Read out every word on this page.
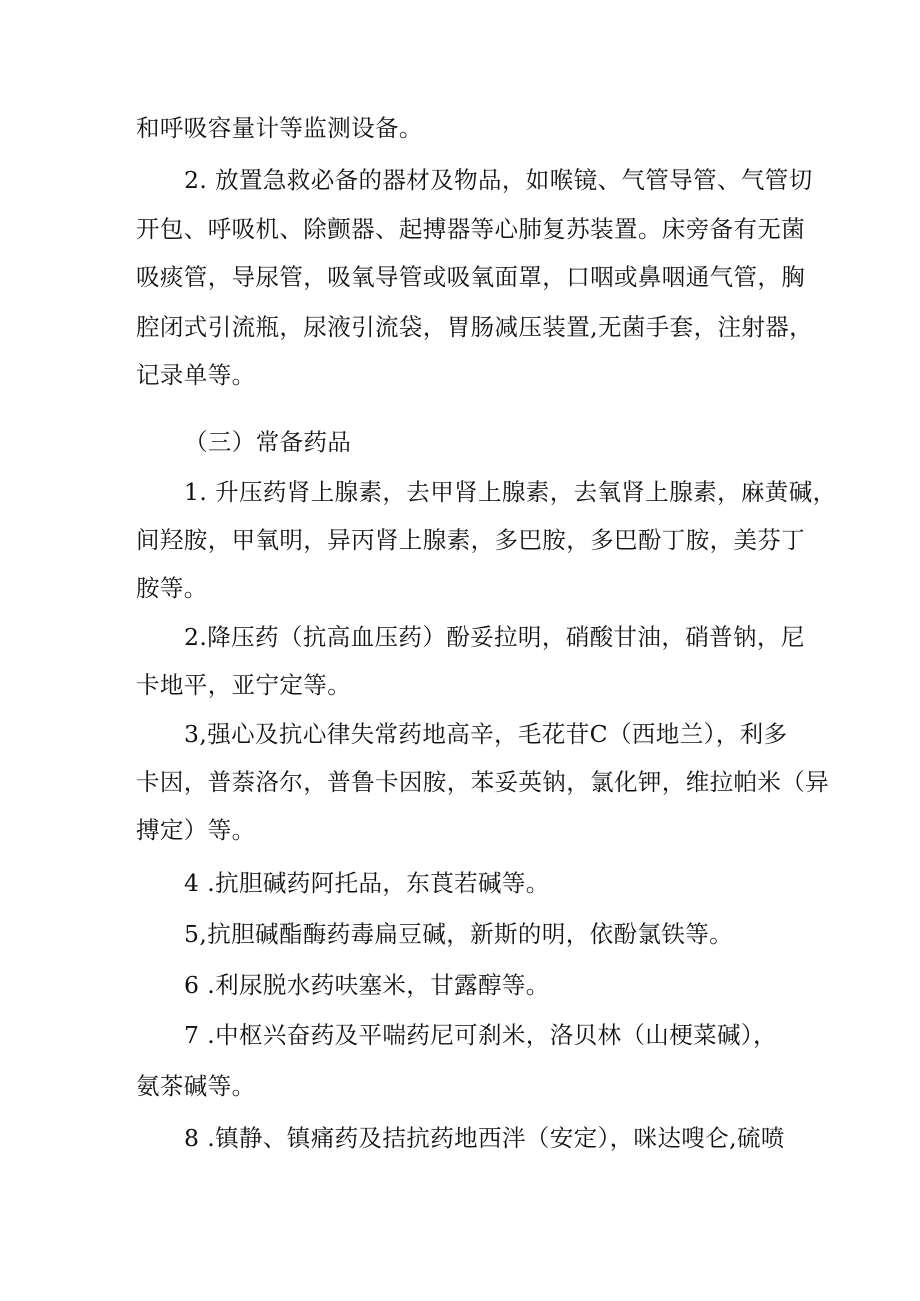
和呼吸容量计等监测设备。
2. 放置急救必备的器材及物品，如喉镜、气管导管、气管切
开包、呼吸机、除颤器、起搏器等心肺复苏装置。床旁备有无菌
吸痰管，导尿管，吸氧导管或吸氧面罩，口咽或鼻咽通气管，胸
腔闭式引流瓶，尿液引流袋，胃肠减压装置,无菌手套，注射器，
记录单等。
（三）常备药品
1. 升压药肾上腺素，去甲肾上腺素，去氧肾上腺素，麻黄碱，
间羟胺，甲氧明，异丙肾上腺素，多巴胺，多巴酚丁胺，美芬丁
胺等。
2.降压药（抗高血压药）酚妥拉明，硝酸甘油，硝普钠，尼
卡地平，亚宁定等。
3,强心及抗心律失常药地高辛，毛花苷C（西地兰），利多
卡因，普萘洛尔，普鲁卡因胺，苯妥英钠，氯化钾，维拉帕米（异
搏定）等。
4 .抗胆碱药阿托品，东莨若碱等。
5,抗胆碱酯酶药毒扁豆碱，新斯的明，依酚氯铁等。
6 .利尿脱水药呋塞米，甘露醇等。
7 .中枢兴奋药及平喘药尼可刹米，洛贝林（山梗菜碱），
氨茶碱等。
8 .镇静、镇痛药及拮抗药地西泮（安定），咪达嗖仑,硫喷
